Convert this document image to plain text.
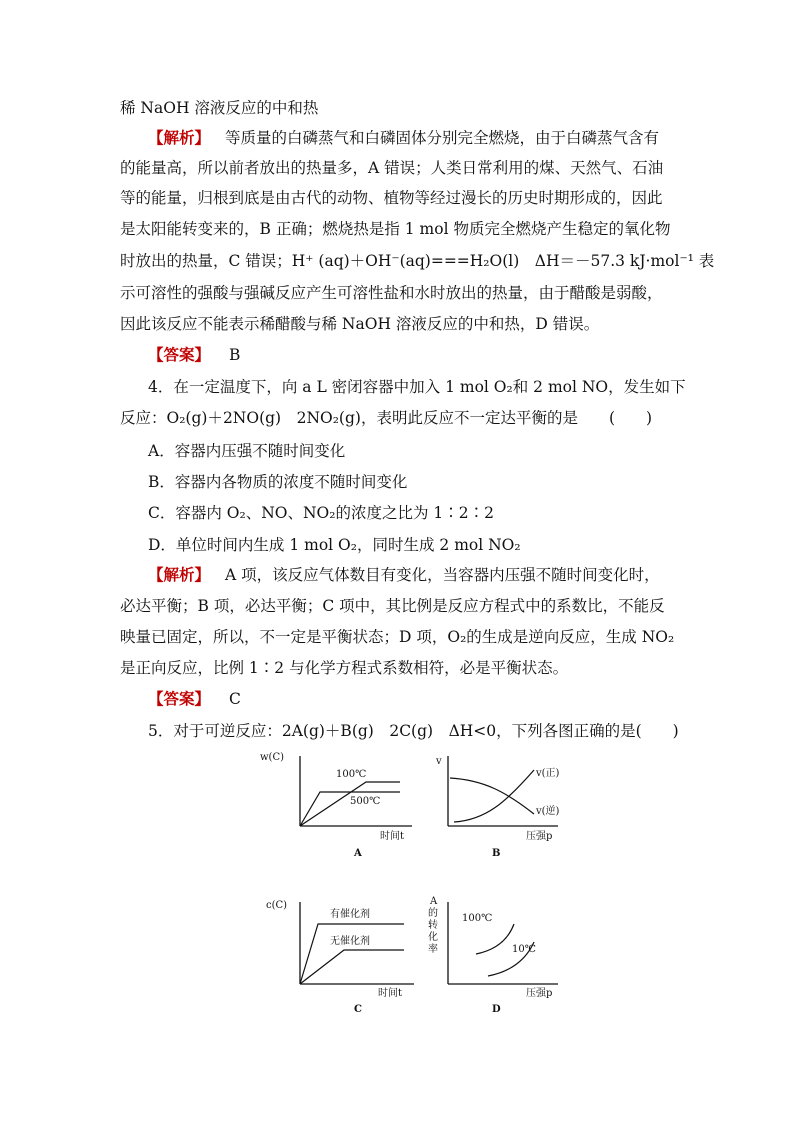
稀 NaOH 溶液反应的中和热
【解析】 等质量的白磷蒸气和白磷固体分别完全燃烧，由于白磷蒸气含有
的能量高，所以前者放出的热量多，A 错误；人类日常利用的煤、天然气、石油
等的能量，归根到底是由古代的动物、植物等经过漫长的历史时期形成的，因此
是太阳能转变来的，B 正确；燃烧热是指 1 mol 物质完全燃烧产生稳定的氧化物
时放出的热量，C 错误；H⁺ (aq)＋OH⁻(aq)===H₂O(l)　ΔH＝－57.3 kJ·mol⁻¹ 表
示可溶性的强酸与强碱反应产生可溶性盐和水时放出的热量，由于醋酸是弱酸，
因此该反应不能表示稀醋酸与稀 NaOH 溶液反应的中和热，D 错误。
【答案】 B
4．在一定温度下，向 a L 密闭容器中加入 1 mol O₂和 2 mol NO，发生如下
反应：O₂(g)＋2NO(g)　2NO₂(g)，表明此反应不一定达平衡的是　　(　　)
A．容器内压强不随时间变化
B．容器内各物质的浓度不随时间变化
C．容器内 O₂、NO、NO₂的浓度之比为 1∶2∶2
D．单位时间内生成 1 mol O₂，同时生成 2 mol NO₂
【解析】 A 项，该反应气体数目有变化，当容器内压强不随时间变化时，
必达平衡；B 项，必达平衡；C 项中，其比例是反应方程式中的系数比，不能反
映量已固定，所以，不一定是平衡状态；D 项，O₂的生成是逆向反应，生成 NO₂
是正向反应，比例 1∶2 与化学方程式系数相符，必是平衡状态。
【答案】 C
5．对于可逆反应：2A(g)＋B(g)　2C(g)　ΔH<0，下列各图正确的是(　　)
w(C)
时间t
100℃
500℃
A
v
压强p
v(正)
v(逆)
B
c(C)
时间t
有催化剂
无催化剂
C
A
的
转
化
率
压强p
100℃
10℃
D
